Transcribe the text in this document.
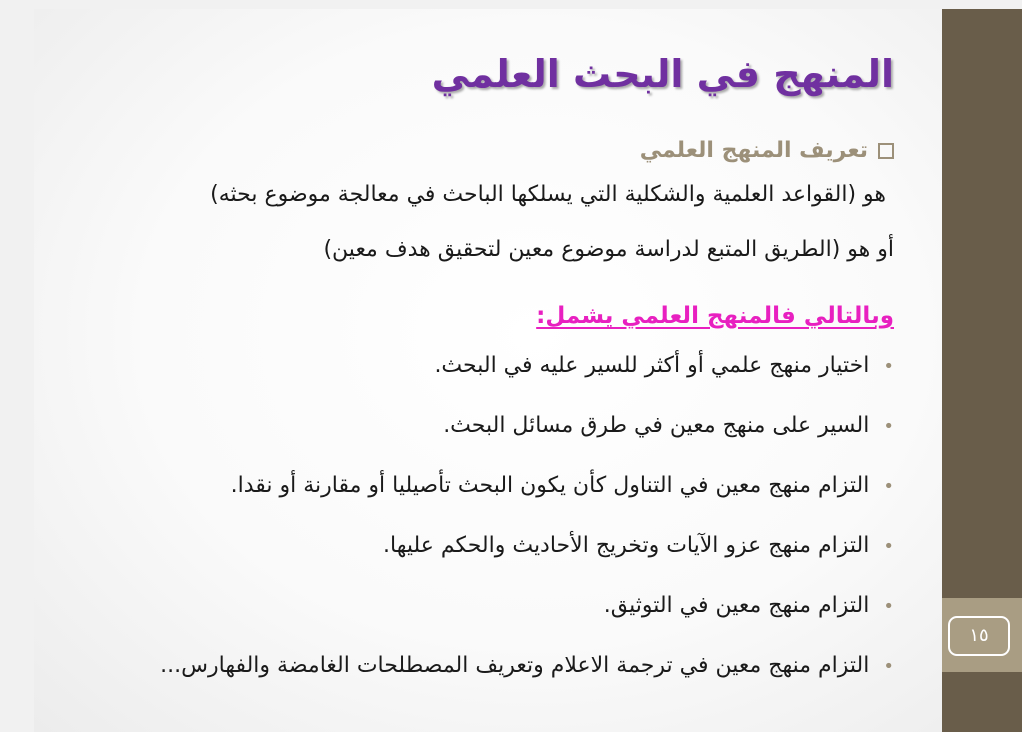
١٥
المنهج في البحث العلمي
تعريف المنهج العلمي
هو (القواعد العلمية والشكلية التي يسلكها الباحث في معالجة موضوع بحثه)
أو هو (الطريق المتبع لدراسة موضوع معين لتحقيق هدف معين)
وبالتالي فالمنهج العلمي يشمل:
•اختيار منهج علمي أو أكثر للسير عليه في البحث.
•السير على منهج معين في طرق مسائل البحث.
•التزام منهج معين في التناول كأن يكون البحث تأصيليا أو مقارنة أو نقدا.
•التزام منهج عزو الآيات وتخريج الأحاديث والحكم عليها.
•التزام منهج معين في التوثيق.
•التزام منهج معين في ترجمة الاعلام وتعريف المصطلحات الغامضة والفهارس...
